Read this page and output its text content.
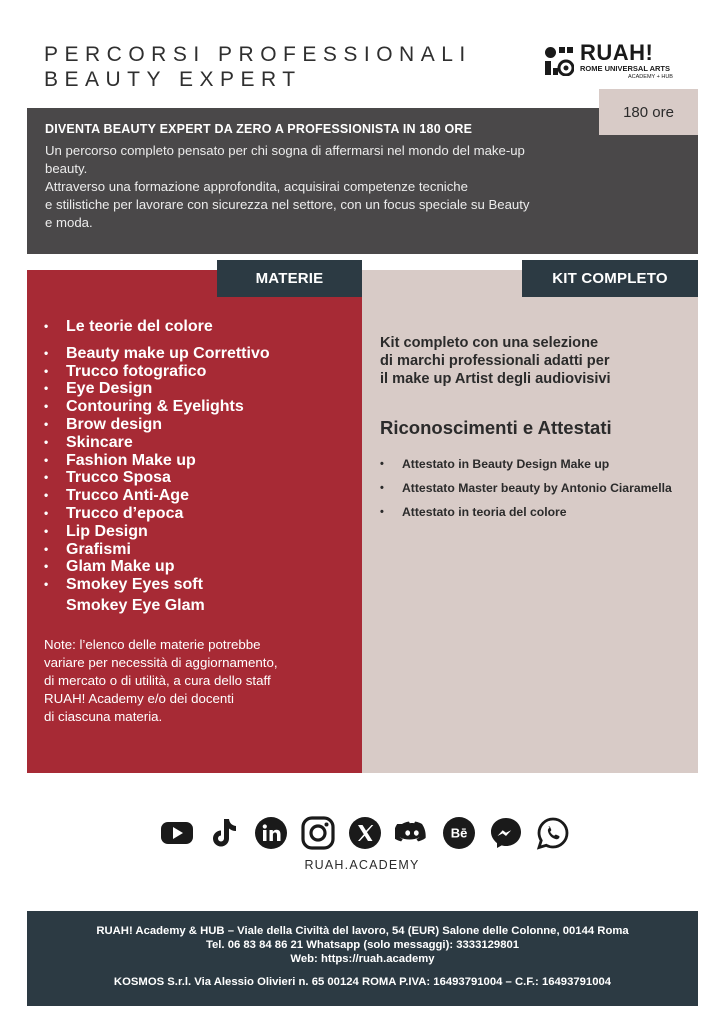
PERCORSI PROFESSIONALI
BEAUTY EXPERT
RUAH!
ROME UNIVERSAL ARTS
ACADEMY + HUB
DIVENTA BEAUTY EXPERT DA ZERO A PROFESSIONISTA IN 180 ORE

Un percorso completo pensato per chi sogna di affermarsi nel mondo del make-up
beauty.
Attraverso una formazione approfondita, acquisirai competenze tecniche
e stilistiche per lavorare con sicurezza nel settore, con un focus speciale su Beauty
e moda.

180 ore
MATERIE	KIT COMPLETO
• Le teorie del colore
• Beauty make up Correttivo
• Trucco fotografico
• Eye Design
• Contouring & Eyelights
• Brow design
• Skincare
• Fashion Make up
• Trucco Sposa
• Trucco Anti-Age
• Trucco d’epoca
• Lip Design
• Grafismi
• Glam Make up
• Smokey Eyes soft
Smokey Eye Glam

Note: l’elenco delle materie potrebbe
variare per necessità di aggiornamento,
di mercato o di utilità, a cura dello staff
RUAH! Academy e/o dei docenti
di ciascuna materia.

Kit completo con una selezione
di marchi professionali adatti per
il make up Artist degli audiovisivi

Riconoscimenti e Attestati
• Attestato in Beauty Design Make up
• Attestato Master beauty by Antonio Ciaramella
• Attestato in teoria del colore
Bē
RUAH.ACADEMY
RUAH! Academy & HUB – Viale della Civiltà del lavoro, 54 (EUR) Salone delle Colonne, 00144 Roma
Tel. 06 83 84 86 21 Whatsapp (solo messaggi): 3333129801
Web: https://ruah.academy
KOSMOS S.r.l. Via Alessio Olivieri n. 65 00124 ROMA P.IVA: 16493791004 – C.F.: 16493791004
